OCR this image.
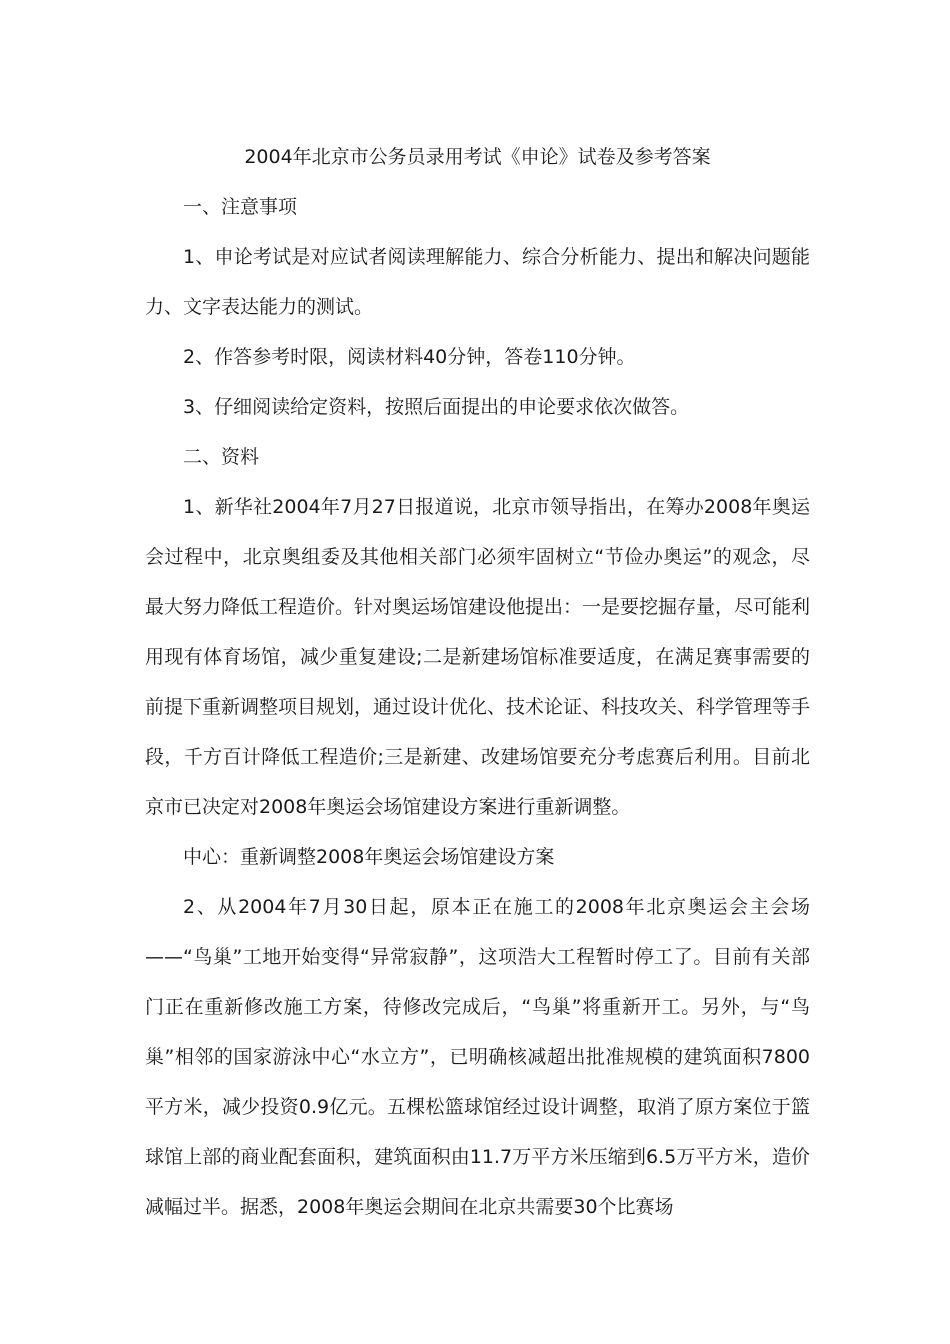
2004年北京市公务员录用考试《申论》试卷及参考答案

一、注意事项

1、申论考试是对应试者阅读理解能力、综合分析能力、提出和解决问题能力、文字表达能力的测试。

2、作答参考时限，阅读材料40分钟，答卷110分钟。

3、仔细阅读给定资料，按照后面提出的申论要求依次做答。

二、资料

1、新华社2004年7月27日报道说，北京市领导指出，在筹办2008年奥运会过程中，北京奥组委及其他相关部门必须牢固树立“节俭办奥运”的观念，尽最大努力降低工程造价。针对奥运场馆建设他提出：一是要挖掘存量，尽可能利用现有体育场馆，减少重复建设;二是新建场馆标准要适度，在满足赛事需要的前提下重新调整项目规划，通过设计优化、技术论证、科技攻关、科学管理等手段，千方百计降低工程造价;三是新建、改建场馆要充分考虑赛后利用。目前北京市已决定对2008年奥运会场馆建设方案进行重新调整。

中心：重新调整2008年奥运会场馆建设方案

2、从2004年7月30日起，原本正在施工的2008年北京奥运会主会场——“鸟巢”工地开始变得“异常寂静”，这项浩大工程暂时停工了。目前有关部门正在重新修改施工方案，待修改完成后，“鸟巢”将重新开工。另外，与“鸟巢”相邻的国家游泳中心“水立方”，已明确核减超出批准规模的建筑面积7800平方米，减少投资0.9亿元。五棵松篮球馆经过设计调整，取消了原方案位于篮球馆上部的商业配套面积，建筑面积由11.7万平方米压缩到6.5万平方米，造价减幅过半。据悉，2008年奥运会期间在北京共需要30个比赛场
